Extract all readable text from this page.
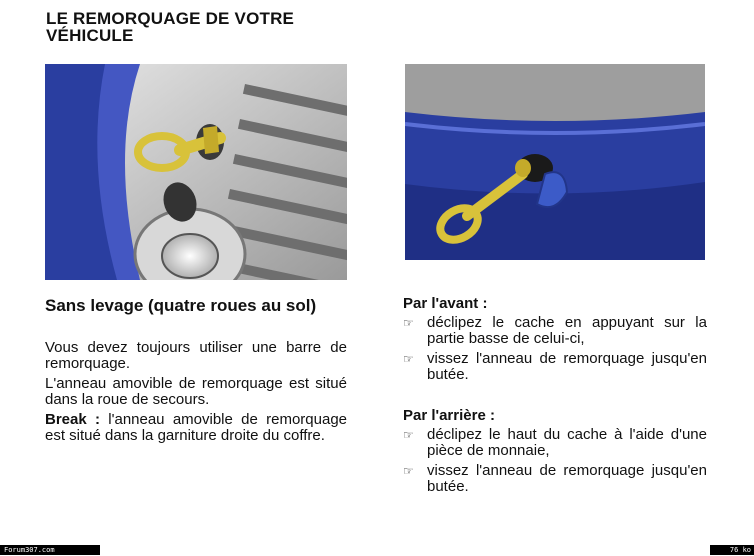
LE REMORQUAGE DE VOTRE
VÉHICULE
Sans levage (quatre roues au sol)

Vous devez toujours utiliser une barre de remorquage.

L'anneau amovible de remorquage est situé dans la roue de secours.

Break : l'anneau amovible de remorquage est situé dans la garniture droite du coffre.

Par l'avant :
☞ déclipez le cache en appuyant sur la partie basse de celui-ci,
☞ vissez l'anneau de remorquage jusqu'en butée.
Par l'arrière :
☞ déclipez le haut du cache à l'aide d'une pièce de monnaie,
☞ vissez l'anneau de remorquage jusqu'en butée.
Forum307.com	76 ko
